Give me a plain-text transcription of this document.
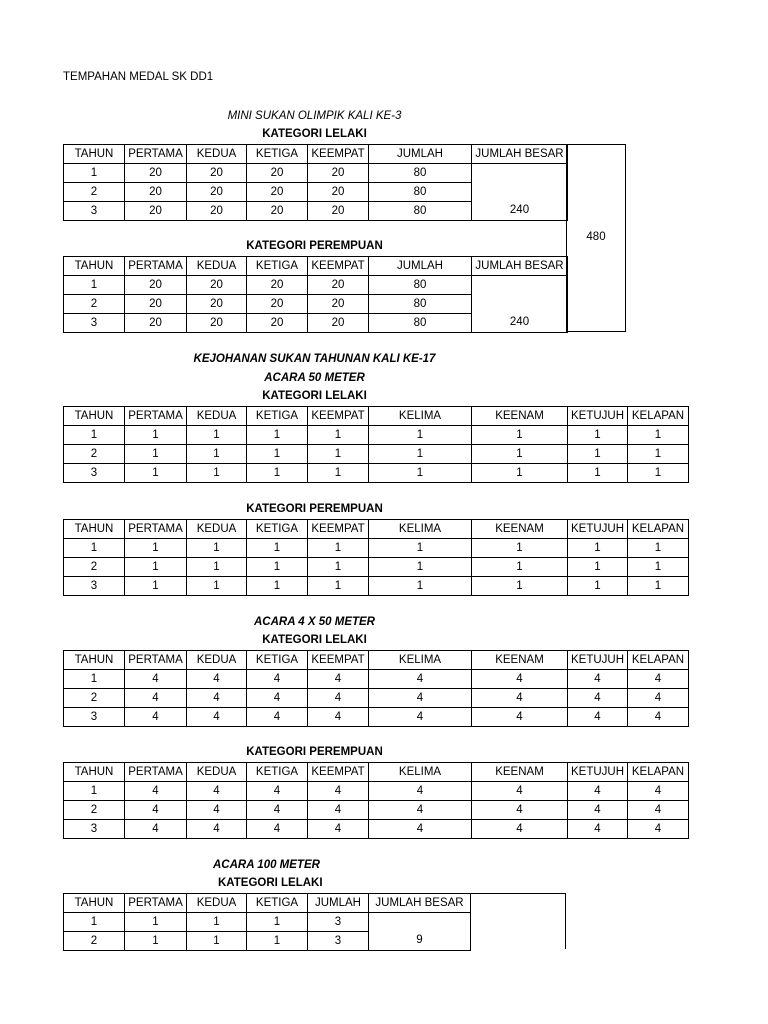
TEMPAHAN MEDAL SK DD1
MINI SUKAN OLIMPIK KALI KE-3
KATEGORI LELAKI
TAHUN	PERTAMA	KEDUA	KETIGA	KEEMPAT	JUMLAH	JUMLAH BESAR
1	20	20	20	20	80	
2	20	20	20	20	80	
3	20	20	20	20	80	240
KATEGORI PEREMPUAN
TAHUN	PERTAMA	KEDUA	KETIGA	KEEMPAT	JUMLAH	JUMLAH BESAR
1	20	20	20	20	80	
2	20	20	20	20	80	
3	20	20	20	20	80	240
480
KEJOHANAN SUKAN TAHUNAN KALI KE-17
ACARA 50 METER
KATEGORI LELAKI
TAHUN	PERTAMA	KEDUA	KETIGA	KEEMPAT	KELIMA	KEENAM	KETUJUH	KELAPAN
1	1	1	1	1	1	1	1	1
2	1	1	1	1	1	1	1	1
3	1	1	1	1	1	1	1	1
KATEGORI PEREMPUAN
TAHUN	PERTAMA	KEDUA	KETIGA	KEEMPAT	KELIMA	KEENAM	KETUJUH	KELAPAN
1	1	1	1	1	1	1	1	1
2	1	1	1	1	1	1	1	1
3	1	1	1	1	1	1	1	1
ACARA 4 X 50 METER
KATEGORI LELAKI
TAHUN	PERTAMA	KEDUA	KETIGA	KEEMPAT	KELIMA	KEENAM	KETUJUH	KELAPAN
1	4	4	4	4	4	4	4	4
2	4	4	4	4	4	4	4	4
3	4	4	4	4	4	4	4	4
KATEGORI PEREMPUAN
TAHUN	PERTAMA	KEDUA	KETIGA	KEEMPAT	KELIMA	KEENAM	KETUJUH	KELAPAN
1	4	4	4	4	4	4	4	4
2	4	4	4	4	4	4	4	4
3	4	4	4	4	4	4	4	4
ACARA 100 METER
KATEGORI LELAKI
TAHUN	PERTAMA	KEDUA	KETIGA	JUMLAH	JUMLAH BESAR
1	1	1	1	3	
2	1	1	1	3	9
